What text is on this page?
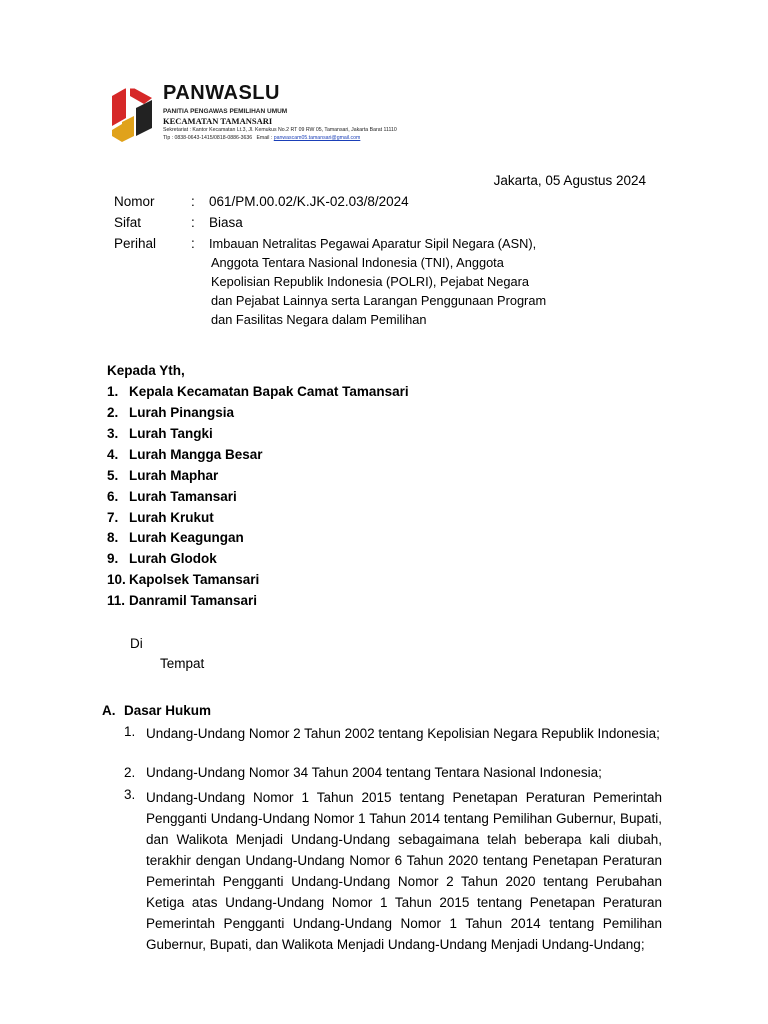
PANWASLU
PANITIA PENGAWAS PEMILIHAN UMUM
KECAMATAN TAMANSARI
Sekretariat : Kantor Kecamatan Lt.3, Jl. Kemukus No.2 RT 09 RW 05, Tamansari, Jakarta Barat 11110
Tlp : 0838-0643-1415/0818-0886-3636 Email : panwascam05.tamansari@gmail.com
Jakarta, 05 Agustus 2024
Nomor	: 061/PM.00.02/K.JK-02.03/8/2024
Sifat	: Biasa
Perihal	: Imbauan Netralitas Pegawai Aparatur Sipil Negara (ASN),
Anggota Tentara Nasional Indonesia (TNI), Anggota
Kepolisian Republik Indonesia (POLRI), Pejabat Negara
dan Pejabat Lainnya serta Larangan Penggunaan Program
dan Fasilitas Negara dalam Pemilihan
Kepada Yth,
1. Kepala Kecamatan Bapak Camat Tamansari
2. Lurah Pinangsia
3. Lurah Tangki
4. Lurah Mangga Besar
5. Lurah Maphar
6. Lurah Tamansari
7. Lurah Krukut
8. Lurah Keagungan
9. Lurah Glodok
10. Kapolsek Tamansari
11. Danramil Tamansari
Di
Tempat
A. Dasar Hukum
1. Undang-Undang Nomor 2 Tahun 2002 tentang Kepolisian Negara Republik Indonesia;
2. Undang-Undang Nomor 34 Tahun 2004 tentang Tentara Nasional Indonesia;
3. Undang-Undang Nomor 1 Tahun 2015 tentang Penetapan Peraturan Pemerintah Pengganti Undang-Undang Nomor 1 Tahun 2014 tentang Pemilihan Gubernur, Bupati, dan Walikota Menjadi Undang-Undang sebagaimana telah beberapa kali diubah, terakhir dengan Undang-Undang Nomor 6 Tahun 2020 tentang Penetapan Peraturan Pemerintah Pengganti Undang-Undang Nomor 2 Tahun 2020 tentang Perubahan Ketiga atas Undang-Undang Nomor 1 Tahun 2015 tentang Penetapan Peraturan Pemerintah Pengganti Undang-Undang Nomor 1 Tahun 2014 tentang Pemilihan Gubernur, Bupati, dan Walikota Menjadi Undang-Undang Menjadi Undang-Undang;
